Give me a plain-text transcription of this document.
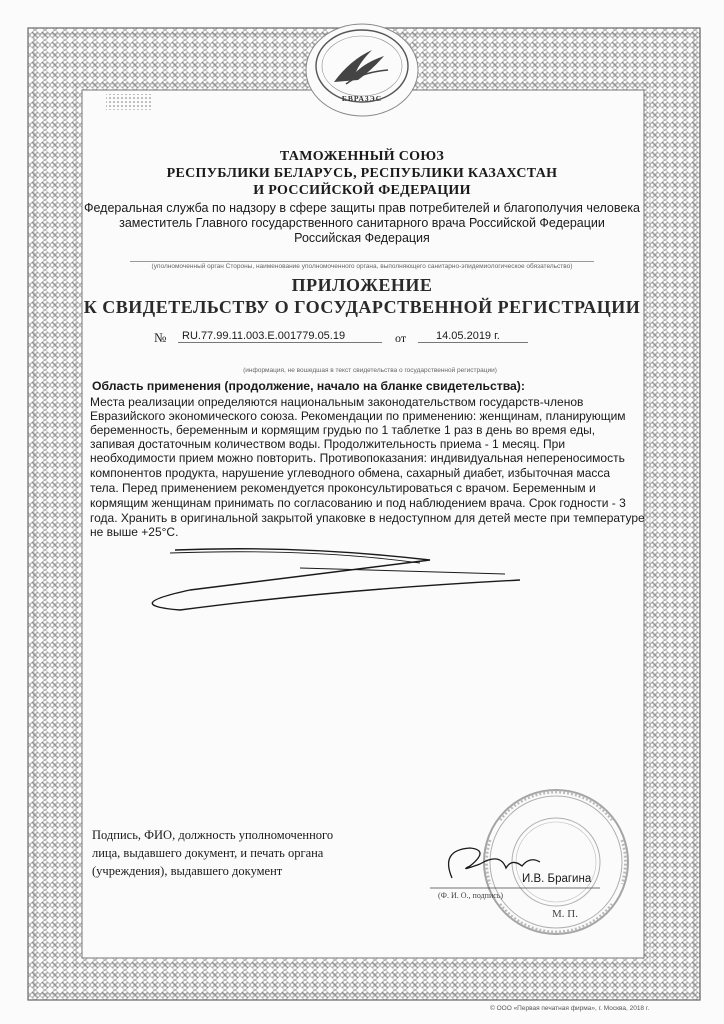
ЕВРАЗЭС
ТАМОЖЕННЫЙ СОЮЗ
РЕСПУБЛИКИ БЕЛАРУСЬ, РЕСПУБЛИКИ КАЗАХСТАН
И РОССИЙСКОЙ ФЕДЕРАЦИИ
Федеральная служба по надзору в сфере защиты прав потребителей и благополучия человека
заместитель Главного государственного санитарного врача Российской Федерации
Российская Федерация
(уполномоченный орган Стороны, наименование уполномоченного органа, выполняющего санитарно-эпидемиологическое обязательство)
ПРИЛОЖЕНИЕ
К СВИДЕТЕЛЬСТВУ О ГОСУДАРСТВЕННОЙ РЕГИСТРАЦИИ
№	RU.77.99.11.003.Е.001779.05.19	от	14.05.2019 г.
(информация, не вошедшая в текст свидетельства о государственной регистрации)
Область применения (продолжение, начало на бланке свидетельства):
Места реализации определяются национальным законодательством государств-членов
Евразийского экономического союза. Рекомендации по применению: женщинам, планирующим
беременность, беременным и кормящим грудью по 1 таблетке 1 раз в день во время еды,
запивая достаточным количеством воды. Продолжительность приема - 1 месяц. При
необходимости прием можно повторить. Противопоказания: индивидуальная непереносимость
компонентов продукта, нарушение углеводного обмена, сахарный диабет, избыточная масса
тела. Перед применением рекомендуется проконсультироваться с врачом. Беременным и
кормящим женщинам принимать по согласованию и под наблюдением врача. Срок годности - 3
года. Хранить в оригинальной закрытой упаковке в недоступном для детей месте при температуре
не выше +25°С.
Подпись, ФИО, должность уполномоченного
лица, выдавшего документ, и печать органа
(учреждения), выдавшего документ
И.В. Брагина
(Ф. И. О., подпись)
М. П.
© ООО «Первая печатная фирма», г. Москва, 2018 г.
